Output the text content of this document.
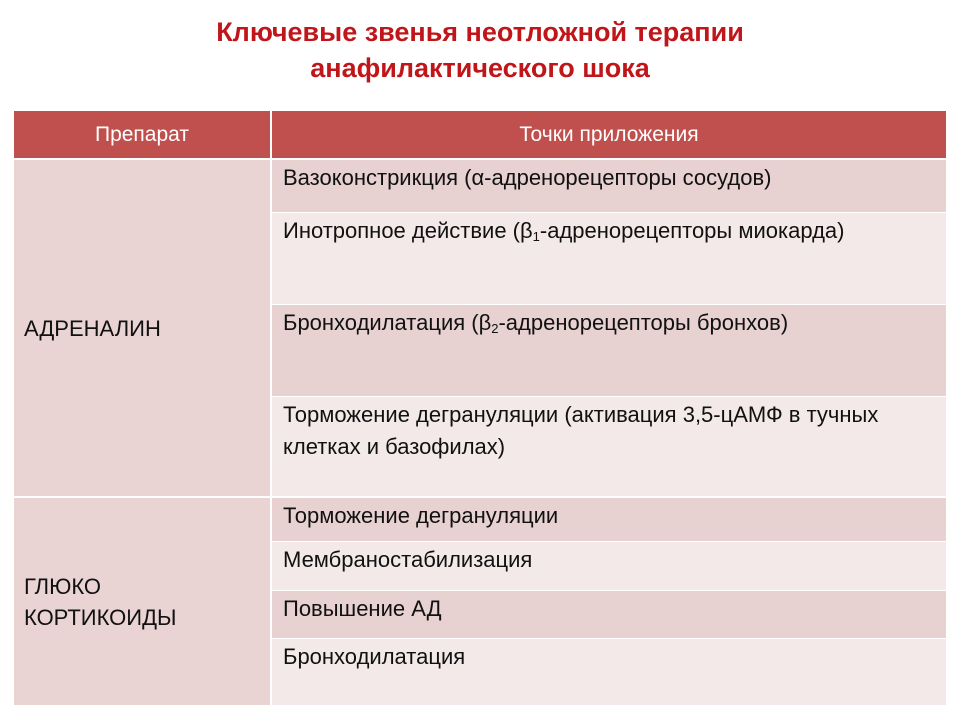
Ключевые звенья неотложной терапии
анафилактического шока
Препарат	Точки приложения
АДРЕНАЛИН
Вазоконстрикция (α-адренорецепторы сосудов)
Инотропное действие ($\beta_1$-адренорецепторы миокарда)
Бронходилатация ($\beta_2$-адренорецепторы бронхов)
Торможение дегрануляции (активация 3,5-цАМФ в тучных клетках и базофилах)
ГЛЮКО
КОРТИКОИДЫ
Торможение дегрануляции
Мембраностабилизация
Повышение АД
Бронходилатация
